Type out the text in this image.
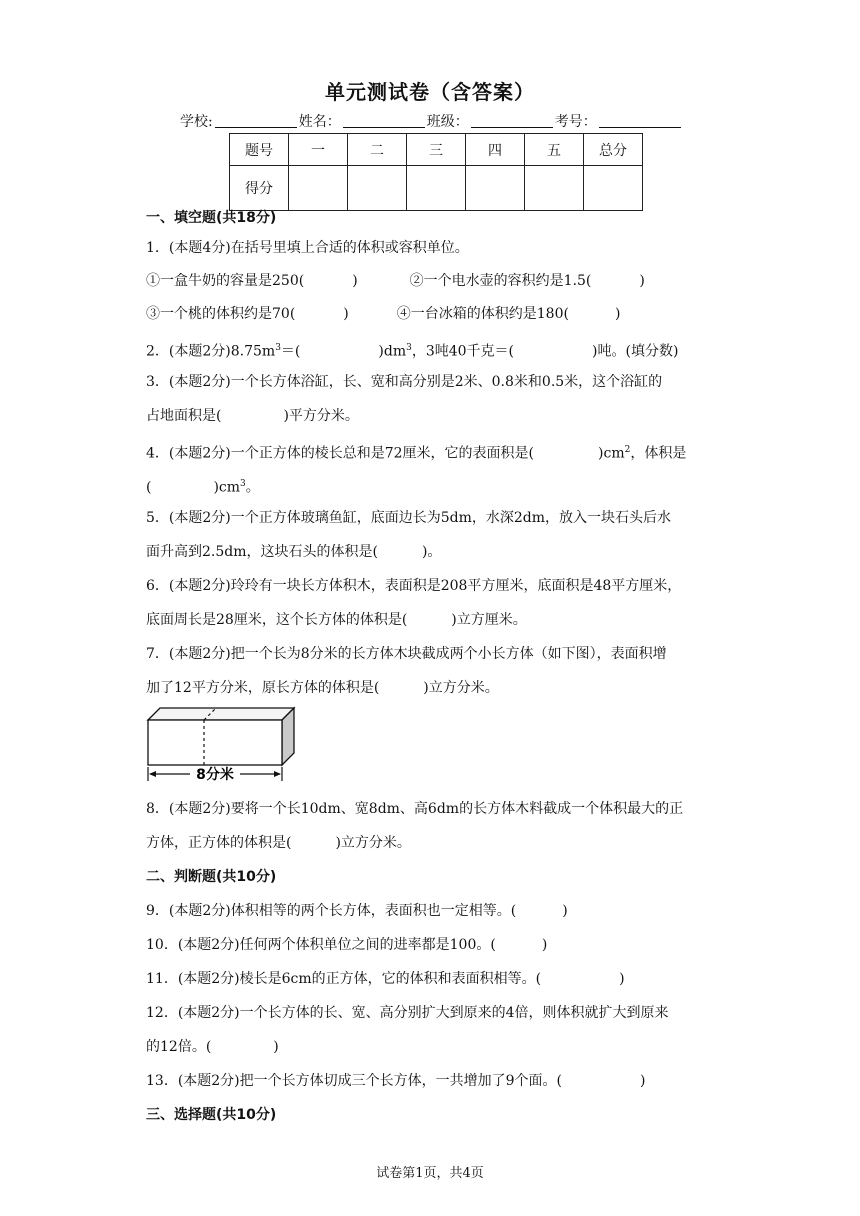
单元测试卷（含答案）
学校:	姓名：	班级：	考号：
题号	一	二	三	四	五	总分
得分						
一、填空题(共18分)
1．(本题4分)在括号里填上合适的体积或容积单位。
①一盒牛奶的容量是250(	)	②一个电水壶的容积约是1.5(	)
③一个桃的体积约是70(	)	④一台冰箱的体积约是180(	)
2．(本题2分)$8.75m^3=$(	)$dm^3$，3吨40千克＝(	)吨。(填分数)
3．(本题2分)一个长方体浴缸，长、宽和高分别是2米、0.8米和0.5米，这个浴缸的
占地面积是(	)平方分米。
4．(本题2分)一个正方体的棱长总和是72厘米，它的表面积是(	)$cm^2$，体积是
(	)$cm^3$。
5．(本题2分)一个正方体玻璃鱼缸，底面边长为5dm，水深2dm，放入一块石头后水
面升高到2.5dm，这块石头的体积是(	)。
6．(本题2分)玲玲有一块长方体积木，表面积是208平方厘米，底面积是48平方厘米，
底面周长是28厘米，这个长方体的体积是(	)立方厘米。
7．(本题2分)把一个长为8分米的长方体木块截成两个小长方体（如下图），表面积增
加了12平方分米，原长方体的体积是(	)立方分米。
8分米
8．(本题2分)要将一个长10dm、宽8dm、高6dm的长方体木料截成一个体积最大的正
方体，正方体的体积是(	)立方分米。
二、判断题(共10分)
9．(本题2分)体积相等的两个长方体，表面积也一定相等。(	)
10．(本题2分)任何两个体积单位之间的进率都是100。(	)
11．(本题2分)棱长是6cm的正方体，它的体积和表面积相等。(	)
12．(本题2分)一个长方体的长、宽、高分别扩大到原来的4倍，则体积就扩大到原来
的12倍。(	)
13．(本题2分)把一个长方体切成三个长方体，一共增加了9个面。(	)
三、选择题(共10分)
试卷第1页，共4页
